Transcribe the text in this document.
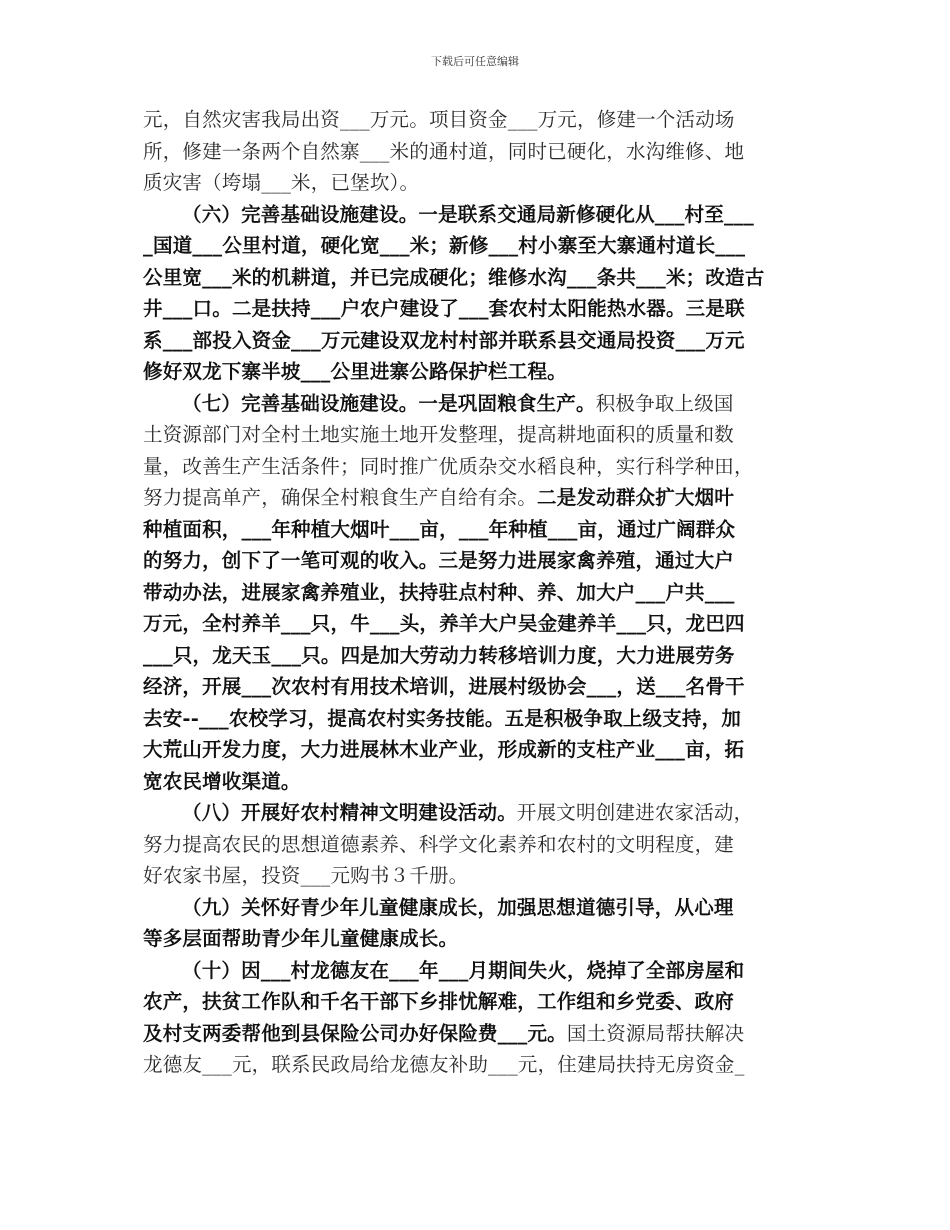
下载后可任意编辑
元，自然灾害我局出资___万元。项目资金___万元，修建一个活动场
所，修建一条两个自然寨___米的通村道，同时已硬化，水沟维修、地
质灾害（垮塌___米，已堡坎）。
（六）完善基础设施建设。一是联系交通局新修硬化从___村至___
_国道___公里村道，硬化宽___米；新修___村小寨至大寨通村道长___
公里宽___米的机耕道，并已完成硬化；维修水沟___条共___米；改造古
井___口。二是扶持___户农户建设了___套农村太阳能热水器。三是联
系___部投入资金___万元建设双龙村村部并联系县交通局投资___万元
修好双龙下寨半坡___公里进寨公路保护栏工程。
（七）完善基础设施建设。一是巩固粮食生产。积极争取上级国
土资源部门对全村土地实施土地开发整理，提高耕地面积的质量和数
量，改善生产生活条件；同时推广优质杂交水稻良种，实行科学种田，
努力提高单产，确保全村粮食生产自给有余。二是发动群众扩大烟叶
种植面积，___年种植大烟叶___亩，___年种植___亩，通过广阔群众
的努力，创下了一笔可观的收入。三是努力进展家禽养殖，通过大户
带动办法，进展家禽养殖业，扶持驻点村种、养、加大户___户共___
万元，全村养羊___只，牛___头，养羊大户吴金建养羊___只，龙巴四
___只，龙天玉___只。四是加大劳动力转移培训力度，大力进展劳务
经济，开展___次农村有用技术培训，进展村级协会___，送___名骨干
去安--___农校学习，提高农村实务技能。五是积极争取上级支持，加
大荒山开发力度，大力进展林木业产业，形成新的支柱产业___亩，拓
宽农民增收渠道。
（八）开展好农村精神文明建设活动。开展文明创建进农家活动，
努力提高农民的思想道德素养、科学文化素养和农村的文明程度，建
好农家书屋，投资___元购书３千册。
（九）关怀好青少年儿童健康成长，加强思想道德引导，从心理
等多层面帮助青少年儿童健康成长。
（十）因___村龙德友在___年___月期间失火，烧掉了全部房屋和
农产，扶贫工作队和千名干部下乡排忧解难，工作组和乡党委、政府
及村支两委帮他到县保险公司办好保险费___元。国土资源局帮扶解决
龙德友___元，联系民政局给龙德友补助___元，住建局扶持无房资金_
